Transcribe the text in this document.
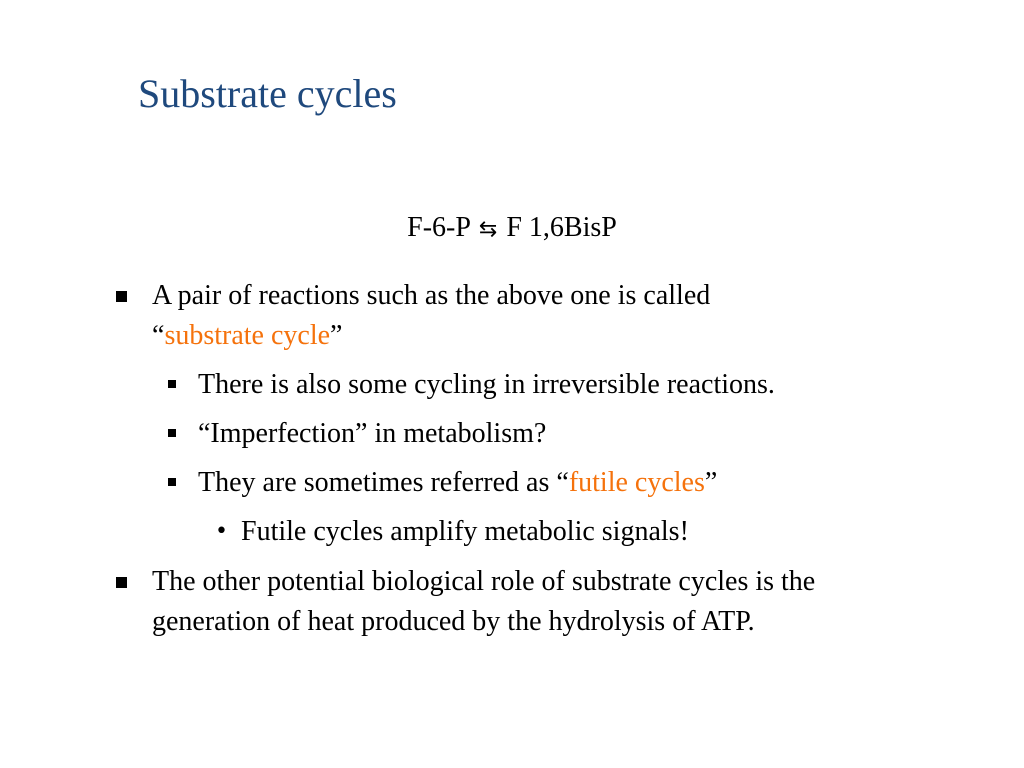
Substrate cycles
F-6-P ⇆ F 1,6BisP
A pair of reactions such as the above one is called
“substrate cycle”
There is also some cycling in irreversible reactions.
“Imperfection” in metabolism?
They are sometimes referred as “futile cycles”
• Futile cycles amplify metabolic signals!
The other potential biological role of substrate cycles is the
generation of heat produced by the hydrolysis of ATP.
